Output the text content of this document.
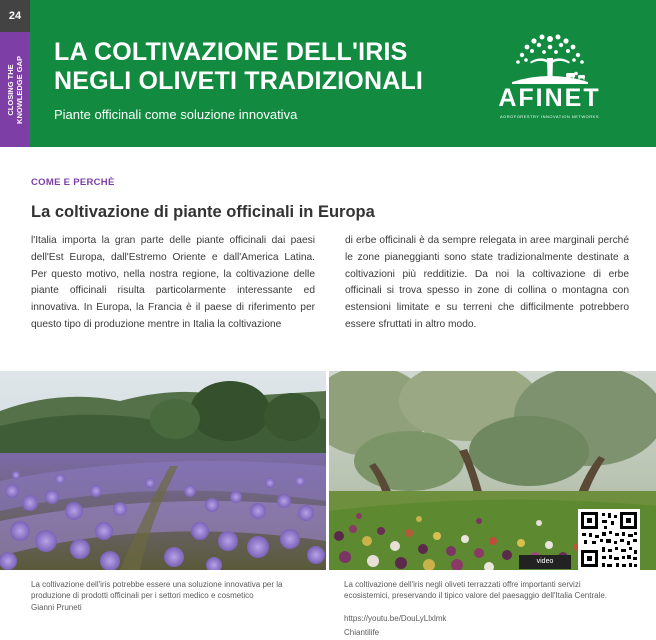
24
CLOSING THE KNOWLEDGE GAP
LA COLTIVAZIONE DELL'IRIS
NEGLI OLIVETI TRADIZIONALI

Piante officinali come soluzione innovativa

AFINET
AGROFORESTRY INNOVATION NETWORKS

COME E PERCHÈ

La coltivazione di piante officinali in Europa

l'Italia importa la gran parte delle piante officinali dai paesi dell'Est Europa, dall'Estremo Oriente e dall'America Latina. Per questo motivo, nella nostra regione, la coltivazione delle piante officinali risulta particolarmente interessante ed innovativa. In Europa, la Francia è il paese di riferimento per questo tipo di produzione mentre in Italia la coltivazione

di erbe officinali è da sempre relegata in aree marginali perché le zone pianeggianti sono state tradizionalmente destinate a coltivazioni più redditizie. Da noi la coltivazione di erbe officinali si trova spesso in zone di collina o montagna con estensioni limitate e su terreni che difficilmente potrebbero essere sfruttati in altro modo.

video

La coltivazione dell'iris potrebbe essere una soluzione innovativa per la produzione di prodotti officinali per i settori medico e cosmetico

Gianni Pruneti

La coltivazione dell'iris negli oliveti terrazzati offre importanti servizi ecosistemici, preservando il tipico valore del paesaggio dell'Italia Centrale.

https://youtu.be/DouLyLlxlmk

Chiantilife
